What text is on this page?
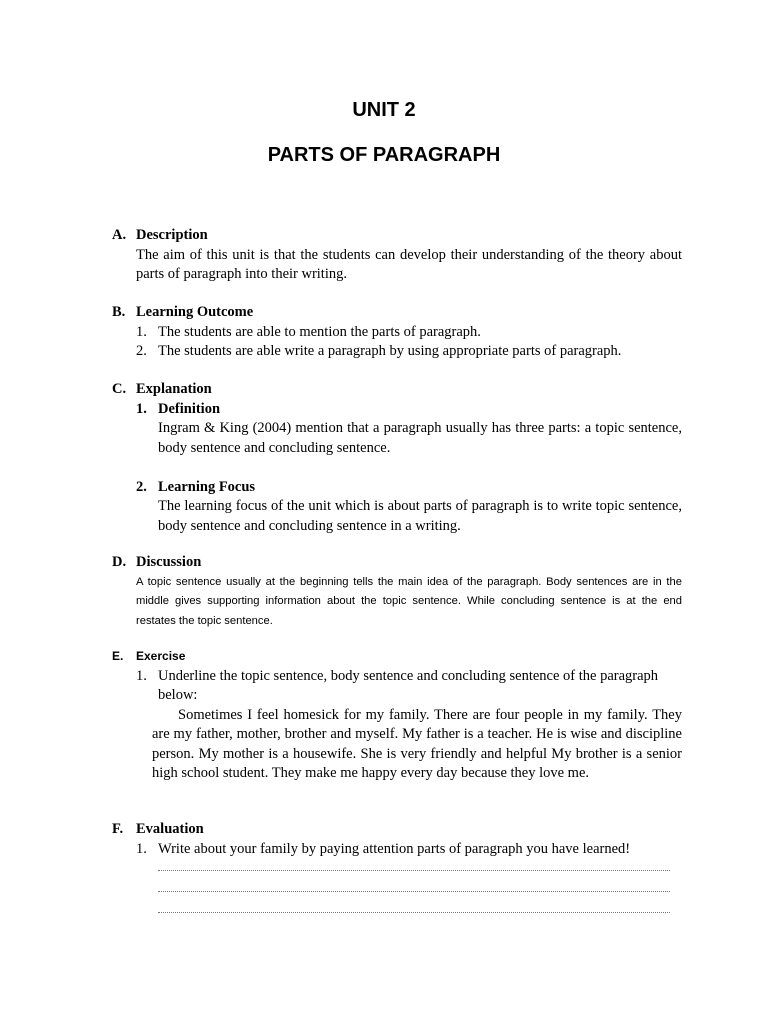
UNIT 2
PARTS OF PARAGRAPH
A. Description
The aim of this unit is that the students can develop their understanding of the theory about parts of paragraph into their writing.
B. Learning Outcome
1. The students are able to mention the parts of paragraph.
2. The students are able write a paragraph by using appropriate parts of paragraph.
C. Explanation
1. Definition
Ingram & King (2004) mention that a paragraph usually has three parts: a topic sentence, body sentence and concluding sentence.
2. Learning Focus
The learning focus of the unit which is about parts of paragraph is to write topic sentence, body sentence and concluding sentence in a writing.
D. Discussion
A topic sentence usually at the beginning tells the main idea of the paragraph. Body sentences are in the middle gives supporting information about the topic sentence. While concluding sentence is at the end restates the topic sentence.
E. Exercise
1. Underline the topic sentence, body sentence and concluding sentence of the paragraph below:
Sometimes I feel homesick for my family. There are four people in my family. They are my father, mother, brother and myself. My father is a teacher. He is wise and discipline person. My mother is a housewife. She is very friendly and helpful My brother is a senior high school student. They make me happy every day because they love me.
F. Evaluation
1. Write about your family by paying attention parts of paragraph you have learned!
